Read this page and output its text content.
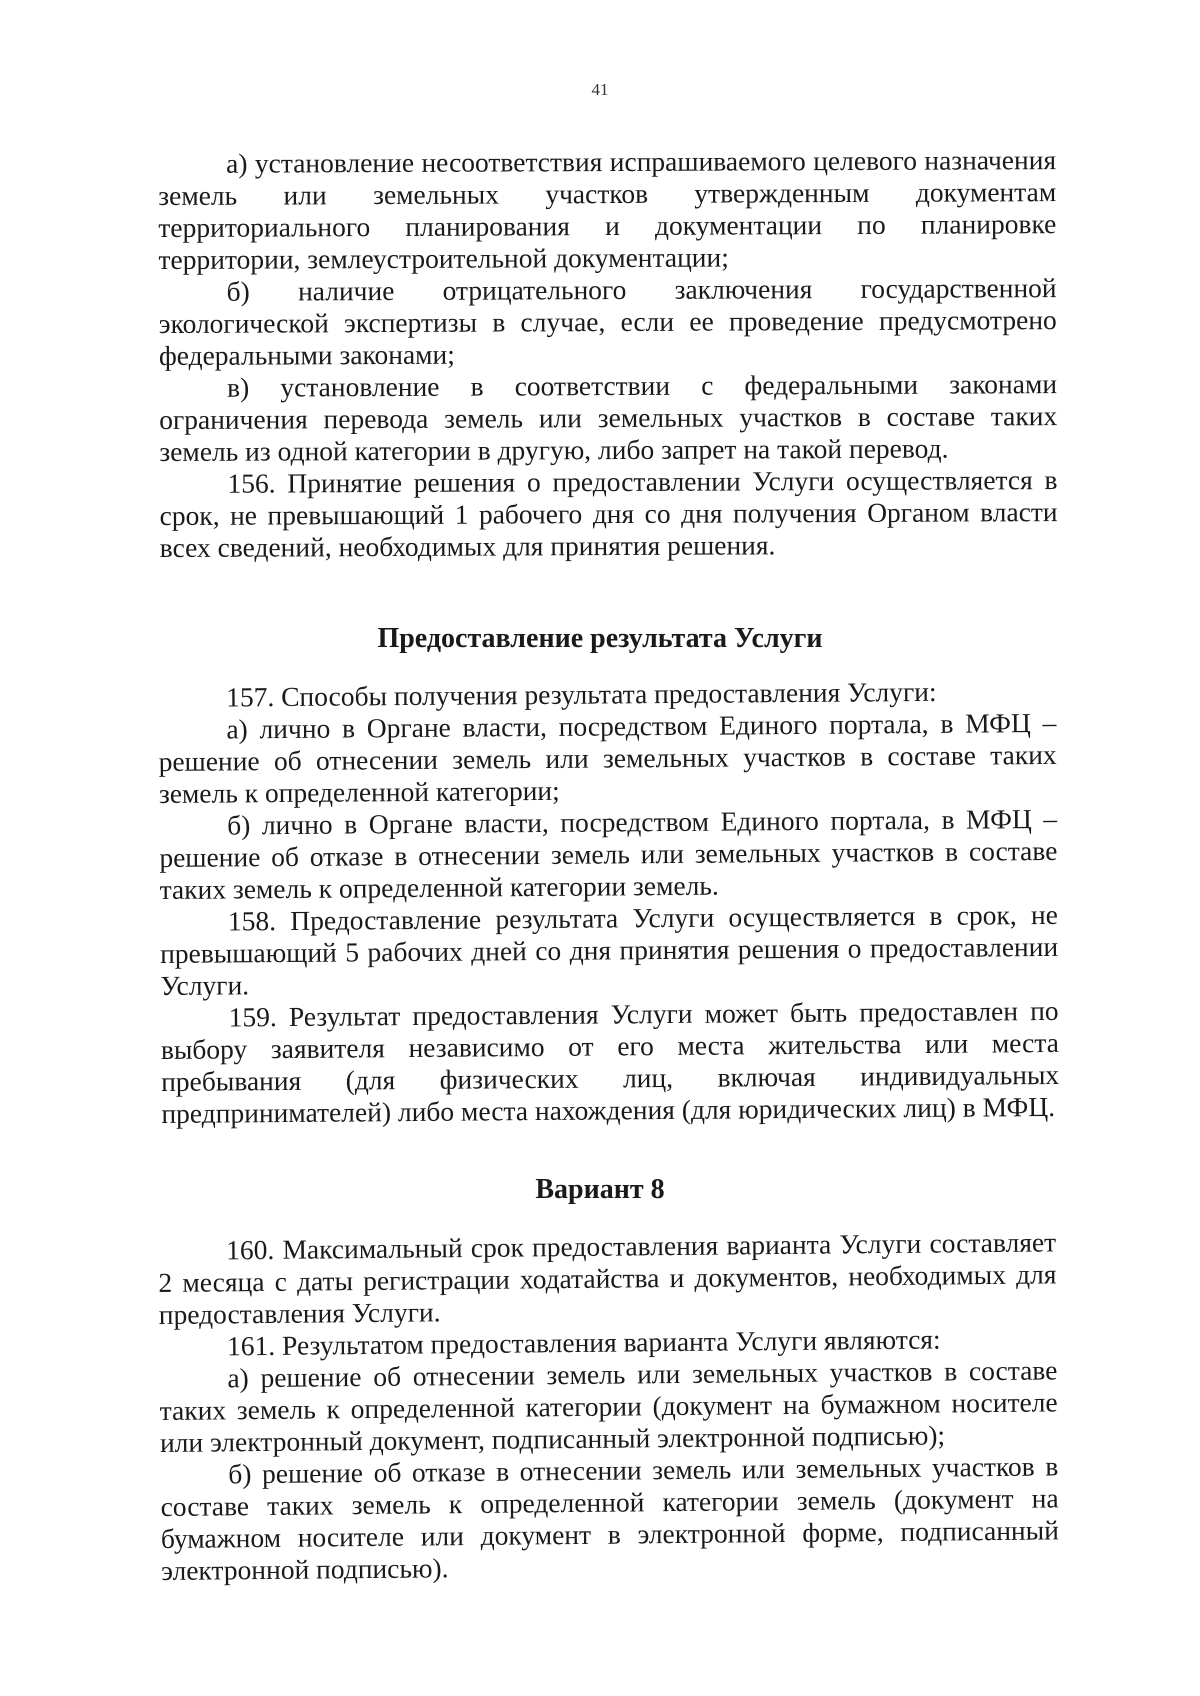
41

а) установление несоответствия испрашиваемого целевого назначения земель или земельных участков утвержденным документам территориального планирования и документации по планировке территории, землеустроительной документации;

б) наличие отрицательного заключения государственной экологической экспертизы в случае, если ее проведение предусмотрено федеральными законами;

в) установление в соответствии с федеральными законами ограничения перевода земель или земельных участков в составе таких земель из одной категории в другую, либо запрет на такой перевод.

156. Принятие решения о предоставлении Услуги осуществляется в срок, не превышающий 1 рабочего дня со дня получения Органом власти всех сведений, необходимых для принятия решения.

Предоставление результата Услуги

157. Способы получения результата предоставления Услуги:

а) лично в Органе власти, посредством Единого портала, в МФЦ – решение об отнесении земель или земельных участков в составе таких земель к определенной категории;

б) лично в Органе власти, посредством Единого портала, в МФЦ – решение об отказе в отнесении земель или земельных участков в составе таких земель к определенной категории земель.

158. Предоставление результата Услуги осуществляется в срок, не превышающий 5 рабочих дней со дня принятия решения о предоставлении Услуги.

159. Результат предоставления Услуги может быть предоставлен по выбору заявителя независимо от его места жительства или места пребывания (для физических лиц, включая индивидуальных предпринимателей) либо места нахождения (для юридических лиц) в МФЦ.

Вариант 8

160. Максимальный срок предоставления варианта Услуги составляет 2 месяца с даты регистрации ходатайства и документов, необходимых для предоставления Услуги.

161. Результатом предоставления варианта Услуги являются:

а) решение об отнесении земель или земельных участков в составе таких земель к определенной категории (документ на бумажном носителе или электронный документ, подписанный электронной подписью);

б) решение об отказе в отнесении земель или земельных участков в составе таких земель к определенной категории земель (документ на бумажном носителе или документ в электронной форме, подписанный электронной подписью).
